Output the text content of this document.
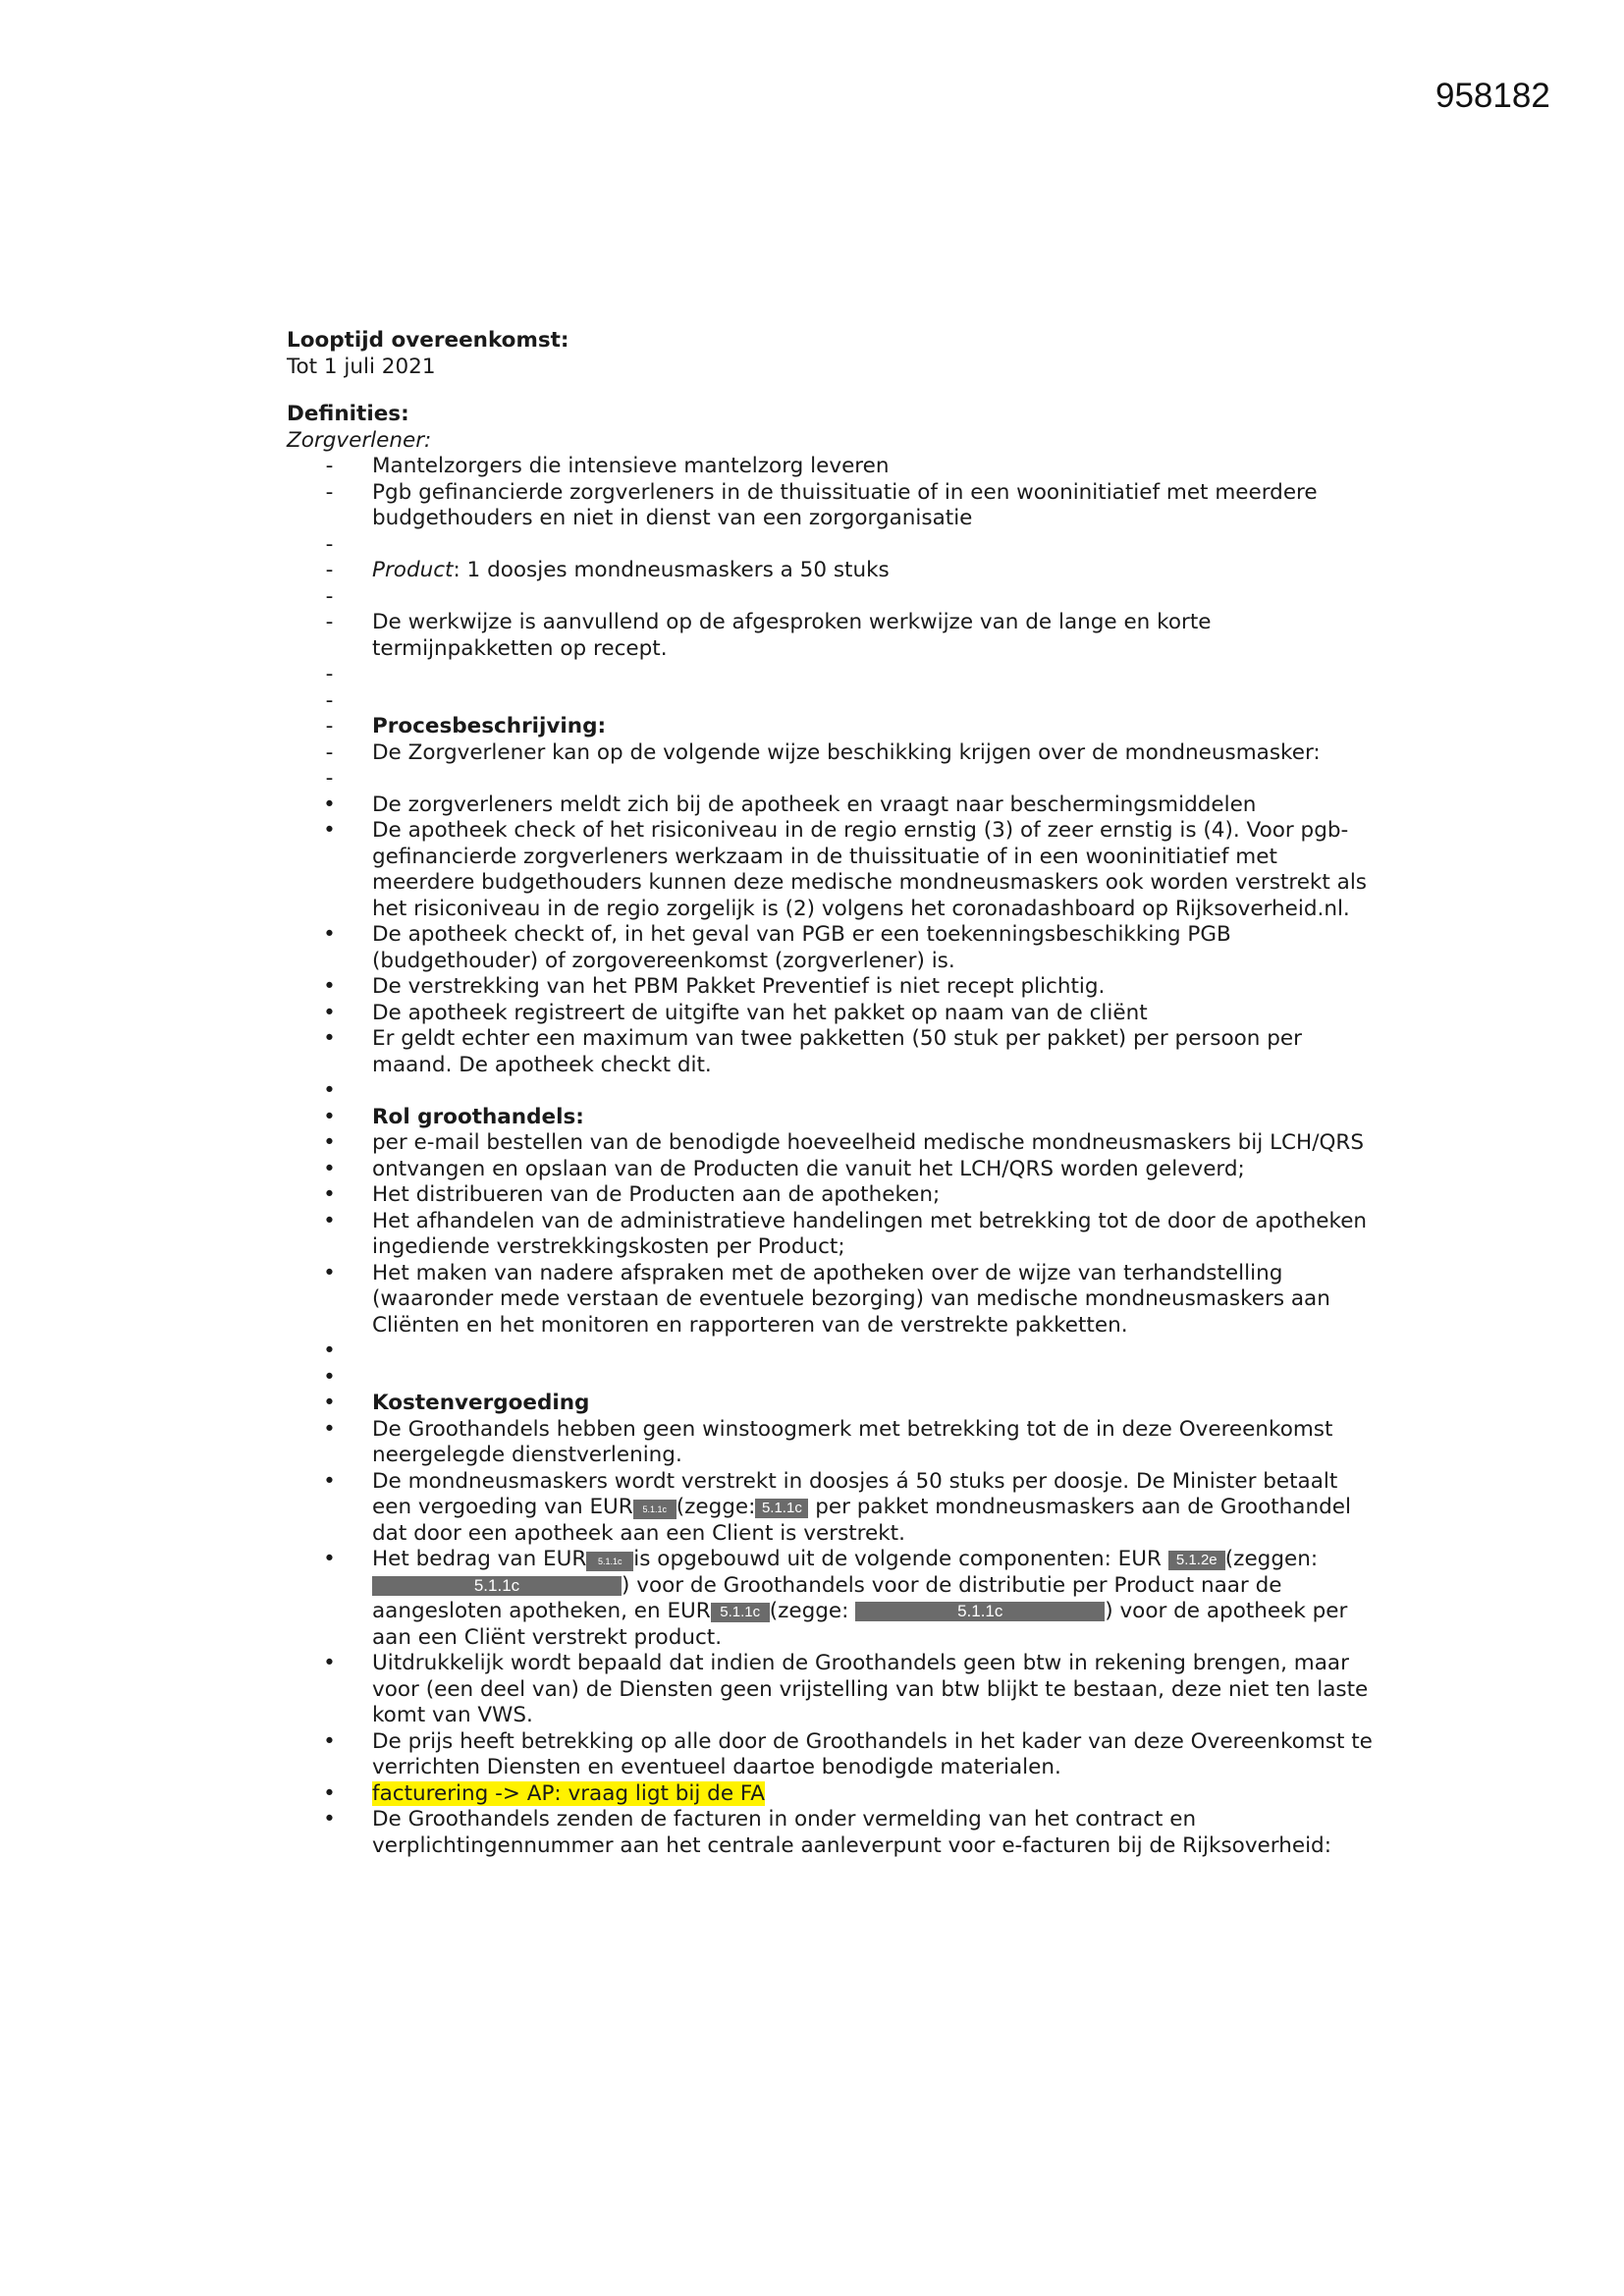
958182
Looptijd overeenkomst:
Tot 1 juli 2021
Definities:
Zorgverlener:
-	Mantelzorgers die intensieve mantelzorg leveren
-	Pgb gefinancierde zorgverleners in de thuissituatie of in een wooninitiatief met meerdere budgethouders en niet in dienst van een zorgorganisatie
-

-	Product: 1 doosjes mondneusmaskers a 50 stuks
-

-	De werkwijze is aanvullend op de afgesproken werkwijze van de lange en korte termijnpakketten op recept.
-

-

-	Procesbeschrijving:
-	De Zorgverlener kan op de volgende wijze beschikking krijgen over de mondneusmasker:
-

•	De zorgverleners meldt zich bij de apotheek en vraagt naar beschermingsmiddelen
•	De apotheek check of het risiconiveau in de regio ernstig (3) of zeer ernstig is (4). Voor pgb-gefinancierde zorgverleners werkzaam in de thuissituatie of in een wooninitiatief met meerdere budgethouders kunnen deze medische mondneusmaskers ook worden verstrekt als het risiconiveau in de regio zorgelijk is (2) volgens het coronadashboard op Rijksoverheid.nl.
•	De apotheek checkt of, in het geval van PGB er een toekenningsbeschikking PGB (budgethouder) of zorgovereenkomst (zorgverlener) is.
•	De verstrekking van het PBM Pakket Preventief is niet recept plichtig.
•	De apotheek registreert de uitgifte van het pakket op naam van de cliënt
•	Er geldt echter een maximum van twee pakketten (50 stuk per pakket) per persoon per maand. De apotheek checkt dit.
•

•	Rol groothandels:
•	per e-mail bestellen van de benodigde hoeveelheid medische mondneusmaskers bij LCH/QRS
•	ontvangen en opslaan van de Producten die vanuit het LCH/QRS worden geleverd;
•	Het distribueren van de Producten aan de apotheken;
•	Het afhandelen van de administratieve handelingen met betrekking tot de door de apotheken ingediende verstrekkingskosten per Product;
•	Het maken van nadere afspraken met de apotheken over de wijze van terhandstelling (waaronder mede verstaan de eventuele bezorging) van medische mondneusmaskers aan Cliënten en het monitoren en rapporteren van de verstrekte pakketten.
•

•

•	Kostenvergoeding
•	De Groothandels hebben geen winstoogmerk met betrekking tot de in deze Overeenkomst neergelegde dienstverlening.
•	De mondneusmaskers wordt verstrekt in doosjes á 50 stuks per doosje. De Minister betaalt een vergoeding van EUR 5.1.1c (zegge: 5.1.1c per pakket mondneusmaskers aan de Groothandel dat door een apotheek aan een Client is verstrekt.
•	Het bedrag van EUR 5.1.1c is opgebouwd uit de volgende componenten: EUR 5.1.2e (zeggen: 5.1.1c	) voor de Groothandels voor de distributie per Product naar de aangesloten apotheken, en EUR 5.1.1c (zegge:	5.1.1c	) voor de apotheek per aan een Cliënt verstrekt product.
•	Uitdrukkelijk wordt bepaald dat indien de Groothandels geen btw in rekening brengen, maar voor (een deel van) de Diensten geen vrijstelling van btw blijkt te bestaan, deze niet ten laste komt van VWS.
•	De prijs heeft betrekking op alle door de Groothandels in het kader van deze Overeenkomst te verrichten Diensten en eventueel daartoe benodigde materialen.
•	facturering -> AP: vraag ligt bij de FA
•	De Groothandels zenden de facturen in onder vermelding van het contract en verplichtingennummer aan het centrale aanleverpunt voor e-facturen bij de Rijksoverheid:
